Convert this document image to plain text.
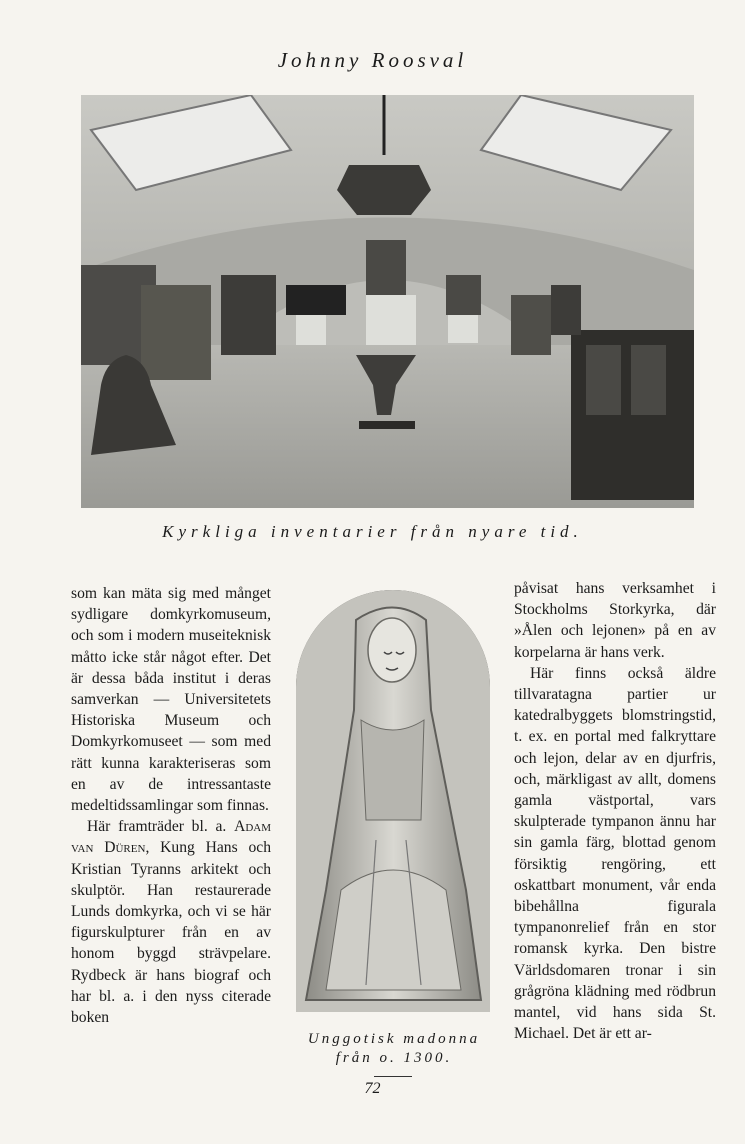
Johnny Roosval
Kyrkliga inventarier från nyare tid.

som kan mäta sig med månget sydligare domkyrkomuseum, och som i modern museiteknisk måtto icke står något efter. Det är dessa båda institut i deras samverkan — Universitetets Historiska Museum och Domkyrkomuseet — som med rätt kunna karakteriseras som en av de intressantaste medeltidssamlingar som finnas.

Här framträder bl. a. Adam van Düren, Kung Hans och Kristian Tyranns arkitekt och skulptör. Han restaurerade Lunds domkyrka, och vi se här figurskulpturer från en av honom byggd strävpelare. Rydbeck är hans biograf och har bl. a. i den nyss citerade boken

Unggotisk madonna
från o. 1300.

påvisat hans verksamhet i Stockholms Storkyrka, där »Ålen och lejonen» på en av korpelarna är hans verk.

Här finns också äldre tillvaratagna partier ur katedralbyggets blomstringstid, t. ex. en portal med falkryttare och lejon, delar av en djurfris, och, märkligast av allt, domens gamla västportal, vars skulpterade tympanon ännu har sin gamla färg, blottad genom försiktig rengöring, ett oskattbart monument, vår enda bibehållna figurala tympanonrelief från en stor romansk kyrka. Den bistre Världsdomaren tronar i sin grågröna klädning med rödbrun mantel, vid hans sida St. Michael. Det är ett ar-

72
